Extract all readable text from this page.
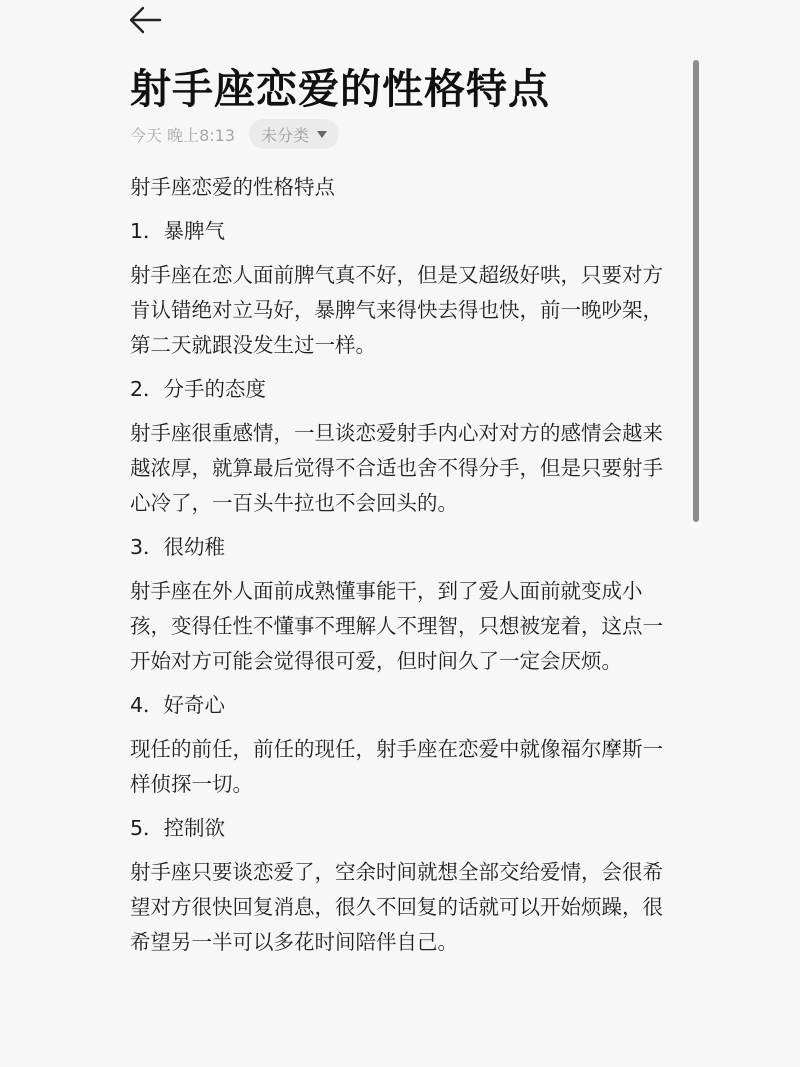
射手座恋爱的性格特点
今天 晚上8:13 未分类

射手座恋爱的性格特点

1．暴脾气

射手座在恋人面前脾气真不好，但是又超级好哄，只要对方肯认错绝对立马好，暴脾气来得快去得也快，前一晚吵架，第二天就跟没发生过一样。

2．分手的态度

射手座很重感情，一旦谈恋爱射手内心对对方的感情会越来越浓厚，就算最后觉得不合适也舍不得分手，但是只要射手心冷了，一百头牛拉也不会回头的。

3．很幼稚

射手座在外人面前成熟懂事能干，到了爱人面前就变成小孩，变得任性不懂事不理解人不理智，只想被宠着，这点一开始对方可能会觉得很可爱，但时间久了一定会厌烦。

4．好奇心

现任的前任，前任的现任，射手座在恋爱中就像福尔摩斯一样侦探一切。

5．控制欲

射手座只要谈恋爱了，空余时间就想全部交给爱情，会很希望对方很快回复消息，很久不回复的话就可以开始烦躁，很希望另一半可以多花时间陪伴自己。
